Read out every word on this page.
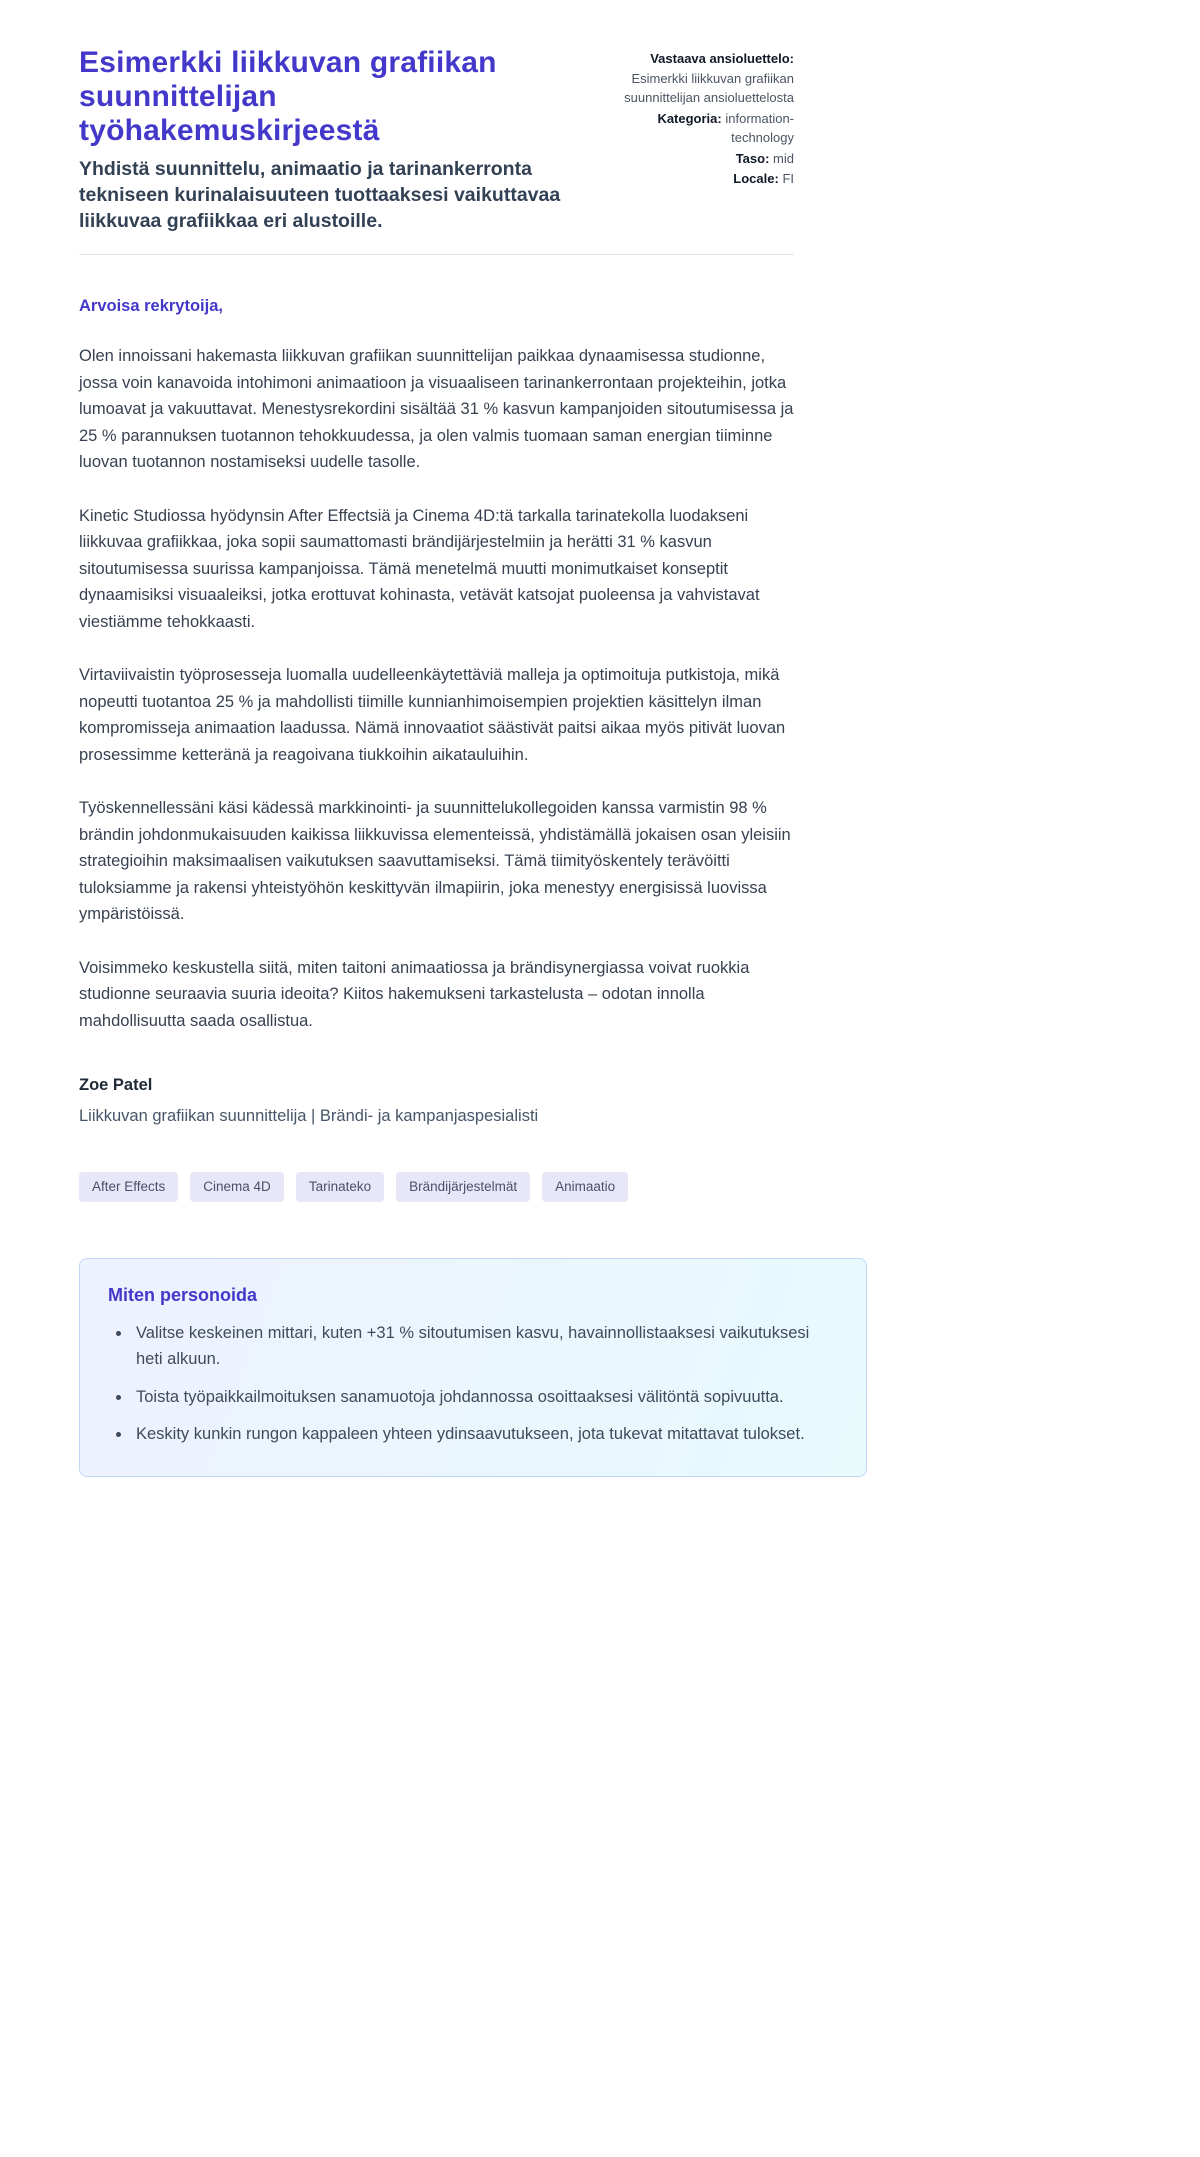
Esimerkki liikkuvan grafiikan suunnittelijan työhakemuskirjeestä

Yhdistä suunnittelu, animaatio ja tarinankerronta tekniseen kurinalaisuuteen tuottaaksesi vaikuttavaa liikkuvaa grafiikkaa eri alustoille.

Vastaava ansioluettelo: Esimerkki liikkuvan grafiikan suunnittelijan ansioluettelosta
Kategoria: information-technology
Taso: mid
Locale: FI

Arvoisa rekrytoija,

Olen innoissani hakemasta liikkuvan grafiikan suunnittelijan paikkaa dynaamisessa studionne, jossa voin kanavoida intohimoni animaatioon ja visuaaliseen tarinankerrontaan projekteihin, jotka lumoavat ja vakuuttavat. Menestysrekordini sisältää 31 % kasvun kampanjoiden sitoutumisessa ja 25 % parannuksen tuotannon tehokkuudessa, ja olen valmis tuomaan saman energian tiiminne luovan tuotannon nostamiseksi uudelle tasolle.

Kinetic Studiossa hyödynsin After Effectsiä ja Cinema 4D:tä tarkalla tarinatekolla luodakseni liikkuvaa grafiikkaa, joka sopii saumattomasti brändijärjestelmiin ja herätti 31 % kasvun sitoutumisessa suurissa kampanjoissa. Tämä menetelmä muutti monimutkaiset konseptit dynaamisiksi visuaaleiksi, jotka erottuvat kohinasta, vetävät katsojat puoleensa ja vahvistavat viestiämme tehokkaasti.

Virtaviivaistin työprosesseja luomalla uudelleenkäytettäviä malleja ja optimoituja putkistoja, mikä nopeutti tuotantoa 25 % ja mahdollisti tiimille kunnianhimoisempien projektien käsittelyn ilman kompromisseja animaation laadussa. Nämä innovaatiot säästivät paitsi aikaa myös pitivät luovan prosessimme ketteränä ja reagoivana tiukkoihin aikatauluihin.

Työskennellessäni käsi kädessä markkinointi- ja suunnittelukollegoiden kanssa varmistin 98 % brändin johdonmukaisuuden kaikissa liikkuvissa elementeissä, yhdistämällä jokaisen osan yleisiin strategioihin maksimaalisen vaikutuksen saavuttamiseksi. Tämä tiimityöskentely terävöitti tuloksiamme ja rakensi yhteistyöhön keskittyvän ilmapiirin, joka menestyy energisissä luovissa ympäristöissä.

Voisimmeko keskustella siitä, miten taitoni animaatiossa ja brändisynergiassa voivat ruokkia studionne seuraavia suuria ideoita? Kiitos hakemukseni tarkastelusta – odotan innolla mahdollisuutta saada osallistua.

Zoe Patel

Liikkuvan grafiikan suunnittelija | Brändi- ja kampanjaspesialisti

After Effects	Cinema 4D	Tarinateko	Brändijärjestelmät	Animaatio
Miten personoida
• Valitse keskeinen mittari, kuten +31 % sitoutumisen kasvu, havainnollistaaksesi vaikutuksesi heti alkuun.
• Toista työpaikkailmoituksen sanamuotoja johdannossa osoittaaksesi välitöntä sopivuutta.
• Keskity kunkin rungon kappaleen yhteen ydinsaavutukseen, jota tukevat mitattavat tulokset.
